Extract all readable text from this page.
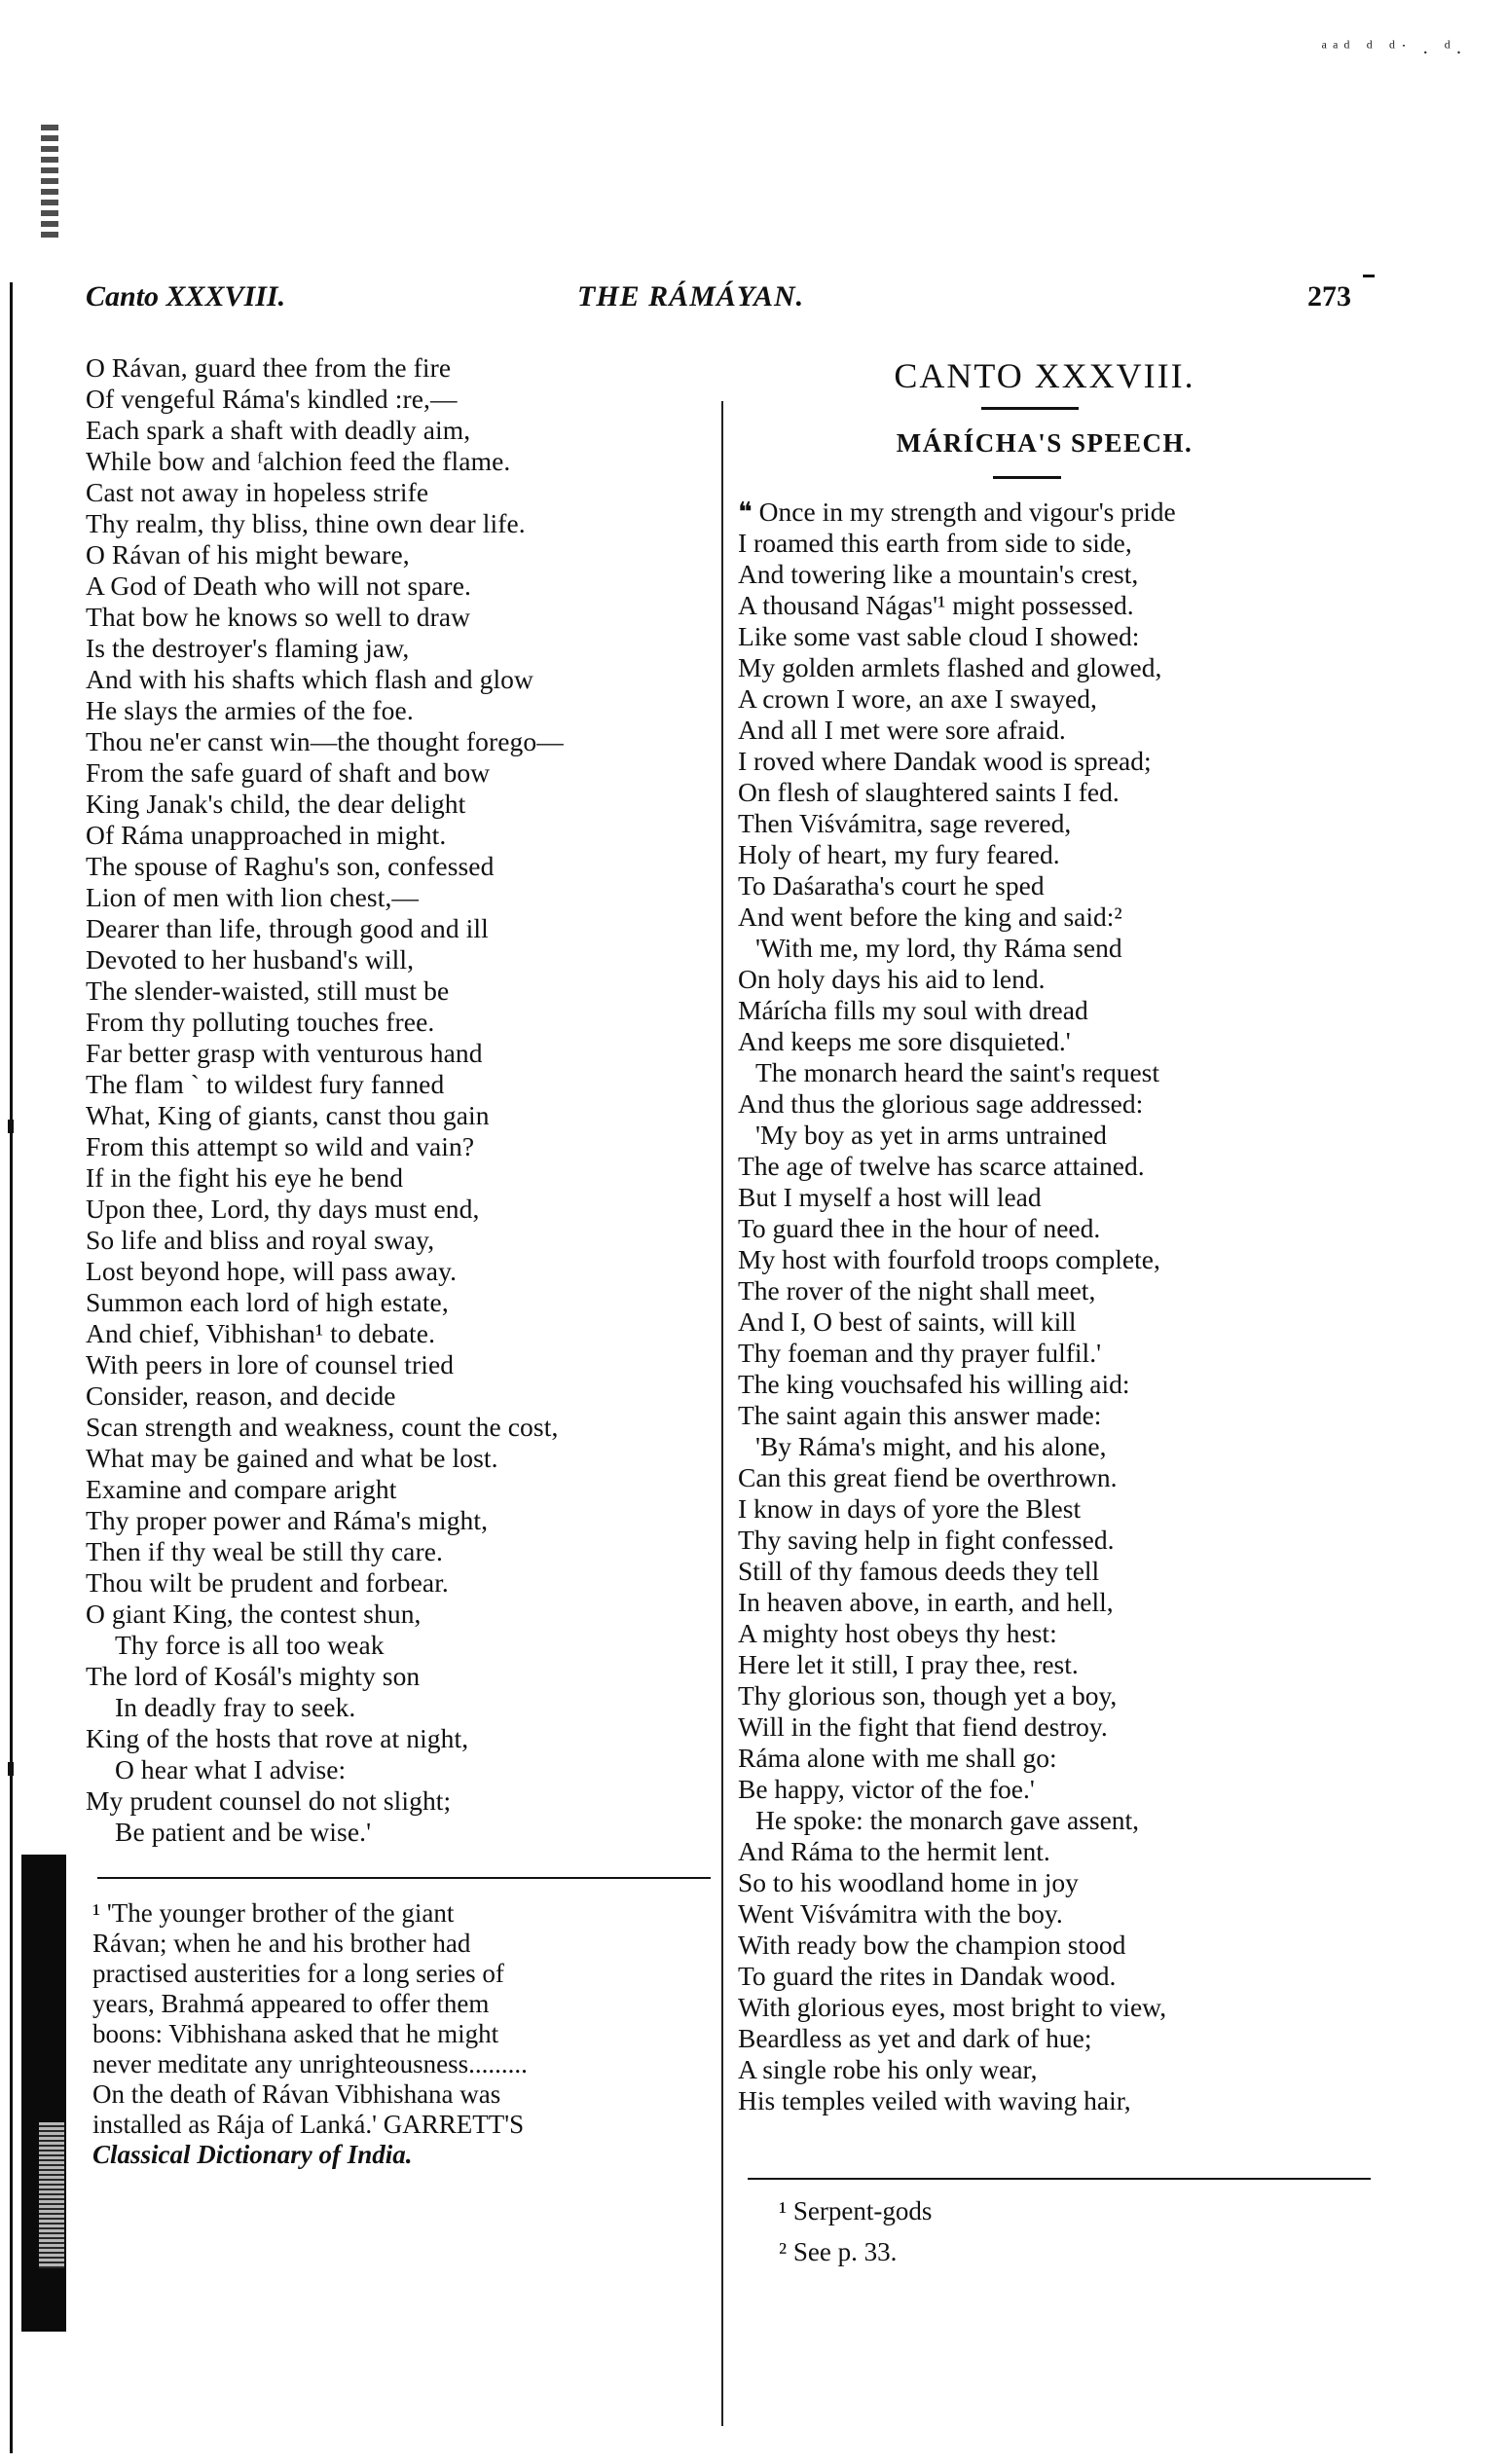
ᵃᵃᵈ ᵈ ᵈˑ . ᵈ.
Canto XXXVIII.	THE RÁMÁYAN.	273
O Rávan, guard thee from the fire
Of vengeful Ráma's kindled :re,—
Each spark a shaft with deadly aim,
While bow and ᶠalchion feed the flame.
Cast not away in hopeless strife
Thy realm, thy bliss, thine own dear life.
O Rávan of his might beware,
A God of Death who will not spare.
That bow he knows so well to draw
Is the destroyer's flaming jaw,
And with his shafts which flash and glow
He slays the armies of the foe.
Thou ne'er canst win—the thought forego—
From the safe guard of shaft and bow
King Janak's child, the dear delight
Of Ráma unapproached in might.
The spouse of Raghu's son, confessed
Lion of men with lion chest,—
Dearer than life, through good and ill
Devoted to her husband's will,
The slender-waisted, still must be
From thy polluting touches free.
Far better grasp with venturous hand
The flam ˋ to wildest fury fanned
What, King of giants, canst thou gain
From this attempt so wild and vain?
If in the fight his eye he bend
Upon thee, Lord, thy days must end,
So life and bliss and royal sway,
Lost beyond hope, will pass away.
Summon each lord of high estate,
And chief, Vibhishan¹ to debate.
With peers in lore of counsel tried
Consider, reason, and decide
Scan strength and weakness, count the cost,
What may be gained and what be lost.
Examine and compare aright
Thy proper power and Ráma's might,
Then if thy weal be still thy care.
Thou wilt be prudent and forbear.
O giant King, the contest shun,
Thy force is all too weak
The lord of Kosál's mighty son
In deadly fray to seek.
King of the hosts that rove at night,
O hear what I advise:
My prudent counsel do not slight;
Be patient and be wise.'
¹ 'The younger brother of the giant
Rávan; when he and his brother had
practised austerities for a long series of
years, Brahmá appeared to offer them
boons: Vibhishana asked that he might
never meditate any unrighteousness.........
On the death of Rávan Vibhishana was
installed as Rája of Lanká.' GARRETT'S
Classical Dictionary of India.
CANTO XXXVIII.
MÁRÍCHA'S SPEECH.
❝ Once in my strength and vigour's pride
I roamed this earth from side to side,
And towering like a mountain's crest,
A thousand Nágas'¹ might possessed.
Like some vast sable cloud I showed:
My golden armlets flashed and glowed,
A crown I wore, an axe I swayed,
And all I met were sore afraid.
I roved where Dandak wood is spread;
On flesh of slaughtered saints I fed.
Then Viśvámitra, sage revered,
Holy of heart, my fury feared.
To Daśaratha's court he sped
And went before the king and said:²
'With me, my lord, thy Ráma send
On holy days his aid to lend.
Márícha fills my soul with dread
And keeps me sore disquieted.'
The monarch heard the saint's request
And thus the glorious sage addressed:
'My boy as yet in arms untrained
The age of twelve has scarce attained.
But I myself a host will lead
To guard thee in the hour of need.
My host with fourfold troops complete,
The rover of the night shall meet,
And I, O best of saints, will kill
Thy foeman and thy prayer fulfil.'
The king vouchsafed his willing aid:
The saint again this answer made:
'By Ráma's might, and his alone,
Can this great fiend be overthrown.
I know in days of yore the Blest
Thy saving help in fight confessed.
Still of thy famous deeds they tell
In heaven above, in earth, and hell,
A mighty host obeys thy hest:
Here let it still, I pray thee, rest.
Thy glorious son, though yet a boy,
Will in the fight that fiend destroy.
Ráma alone with me shall go:
Be happy, victor of the foe.'
He spoke: the monarch gave assent,
And Ráma to the hermit lent.
So to his woodland home in joy
Went Viśvámitra with the boy.
With ready bow the champion stood
To guard the rites in Dandak wood.
With glorious eyes, most bright to view,
Beardless as yet and dark of hue;
A single robe his only wear,
His temples veiled with waving hair,
¹ Serpent-gods
² See p. 33.
